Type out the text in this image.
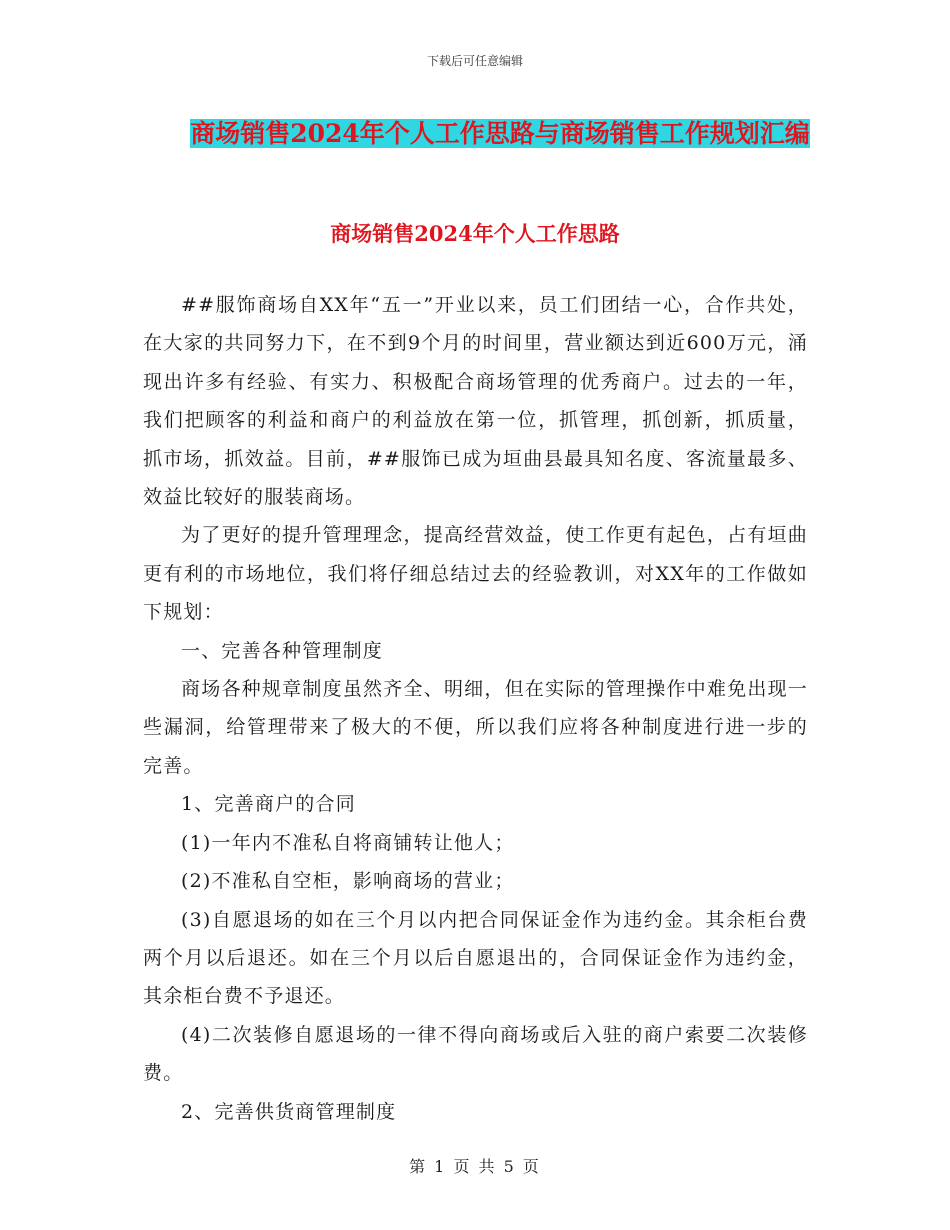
下载后可任意编辑
商场销售2024年个人工作思路与商场销售工作规划汇编
商场销售2024年个人工作思路

##服饰商场自XX年“五一”开业以来，员工们团结一心，合作共处，在大家的共同努力下，在不到9个月的时间里，营业额达到近600万元，涌现出许多有经验、有实力、积极配合商场管理的优秀商户。过去的一年，我们把顾客的利益和商户的利益放在第一位，抓管理，抓创新，抓质量，抓市场，抓效益。目前，##服饰已成为垣曲县最具知名度、客流量最多、效益比较好的服装商场。

为了更好的提升管理理念，提高经营效益，使工作更有起色，占有垣曲更有利的市场地位，我们将仔细总结过去的经验教训，对XX年的工作做如下规划：

一、完善各种管理制度

商场各种规章制度虽然齐全、明细，但在实际的管理操作中难免出现一些漏洞，给管理带来了极大的不便，所以我们应将各种制度进行进一步的完善。

1、完善商户的合同

(1)一年内不准私自将商铺转让他人；

(2)不准私自空柜，影响商场的营业；

(3)自愿退场的如在三个月以内把合同保证金作为违约金。其余柜台费两个月以后退还。如在三个月以后自愿退出的，合同保证金作为违约金，其余柜台费不予退还。

(4)二次装修自愿退场的一律不得向商场或后入驻的商户索要二次装修费。

2、完善供货商管理制度

第 1 页 共 5 页
